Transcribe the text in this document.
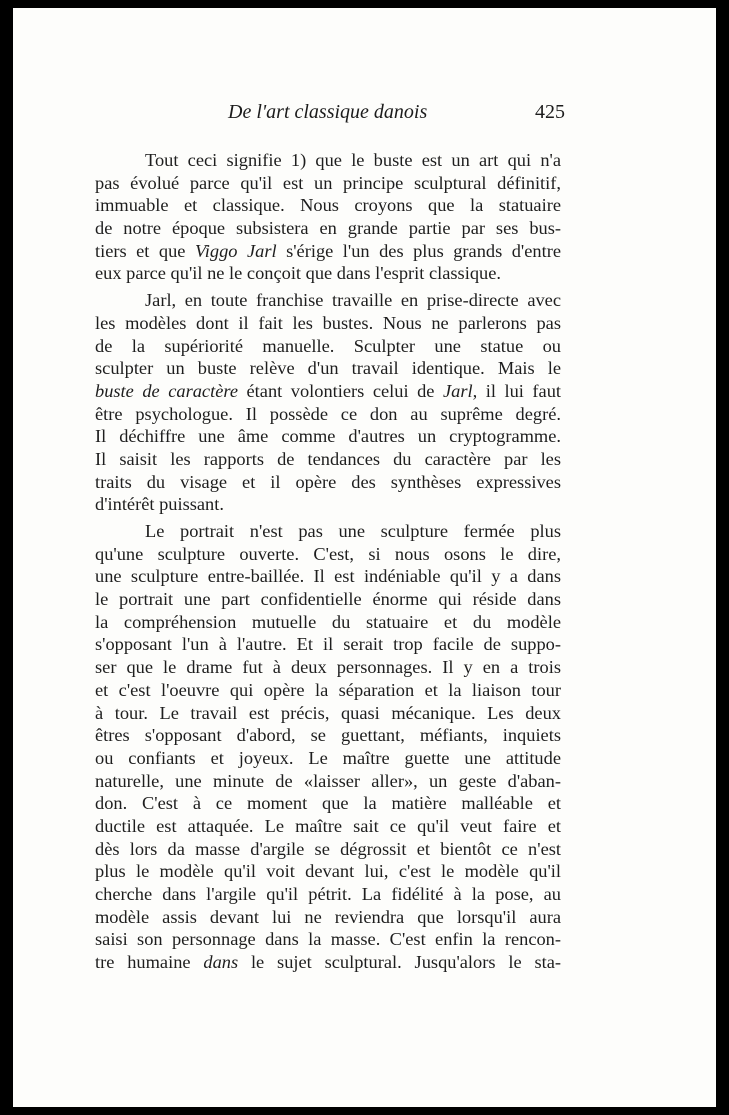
De l'art classique danois	425
Tout ceci signifie 1) que le buste est un art qui n'a
pas évolué parce qu'il est un principe sculptural définitif,
immuable et classique. Nous croyons que la statuaire
de notre époque subsistera en grande partie par ses bus-
tiers et que Viggo Jarl s'érige l'un des plus grands d'entre
eux parce qu'il ne le conçoit que dans l'esprit classique.
Jarl, en toute franchise travaille en prise-directe avec
les modèles dont il fait les bustes. Nous ne parlerons pas
de la supériorité manuelle. Sculpter une statue ou
sculpter un buste relève d'un travail identique. Mais le
buste de caractère étant volontiers celui de Jarl, il lui faut
être psychologue. Il possède ce don au suprême degré.
Il déchiffre une âme comme d'autres un cryptogramme.
Il saisit les rapports de tendances du caractère par les
traits du visage et il opère des synthèses expressives
d'intérêt puissant.
Le portrait n'est pas une sculpture fermée plus
qu'une sculpture ouverte. C'est, si nous osons le dire,
une sculpture entre-baillée. Il est indéniable qu'il y a dans
le portrait une part confidentielle énorme qui réside dans
la compréhension mutuelle du statuaire et du modèle
s'opposant l'un à l'autre. Et il serait trop facile de suppo-
ser que le drame fut à deux personnages. Il y en a trois
et c'est l'oeuvre qui opère la séparation et la liaison tour
à tour. Le travail est précis, quasi mécanique. Les deux
êtres s'opposant d'abord, se guettant, méfiants, inquiets
ou confiants et joyeux. Le maître guette une attitude
naturelle, une minute de «laisser aller», un geste d'aban-
don. C'est à ce moment que la matière malléable et
ductile est attaquée. Le maître sait ce qu'il veut faire et
dès lors da masse d'argile se dégrossit et bientôt ce n'est
plus le modèle qu'il voit devant lui, c'est le modèle qu'il
cherche dans l'argile qu'il pétrit. La fidélité à la pose, au
modèle assis devant lui ne reviendra que lorsqu'il aura
saisi son personnage dans la masse. C'est enfin la rencon-
tre humaine dans le sujet sculptural. Jusqu'alors le sta-
